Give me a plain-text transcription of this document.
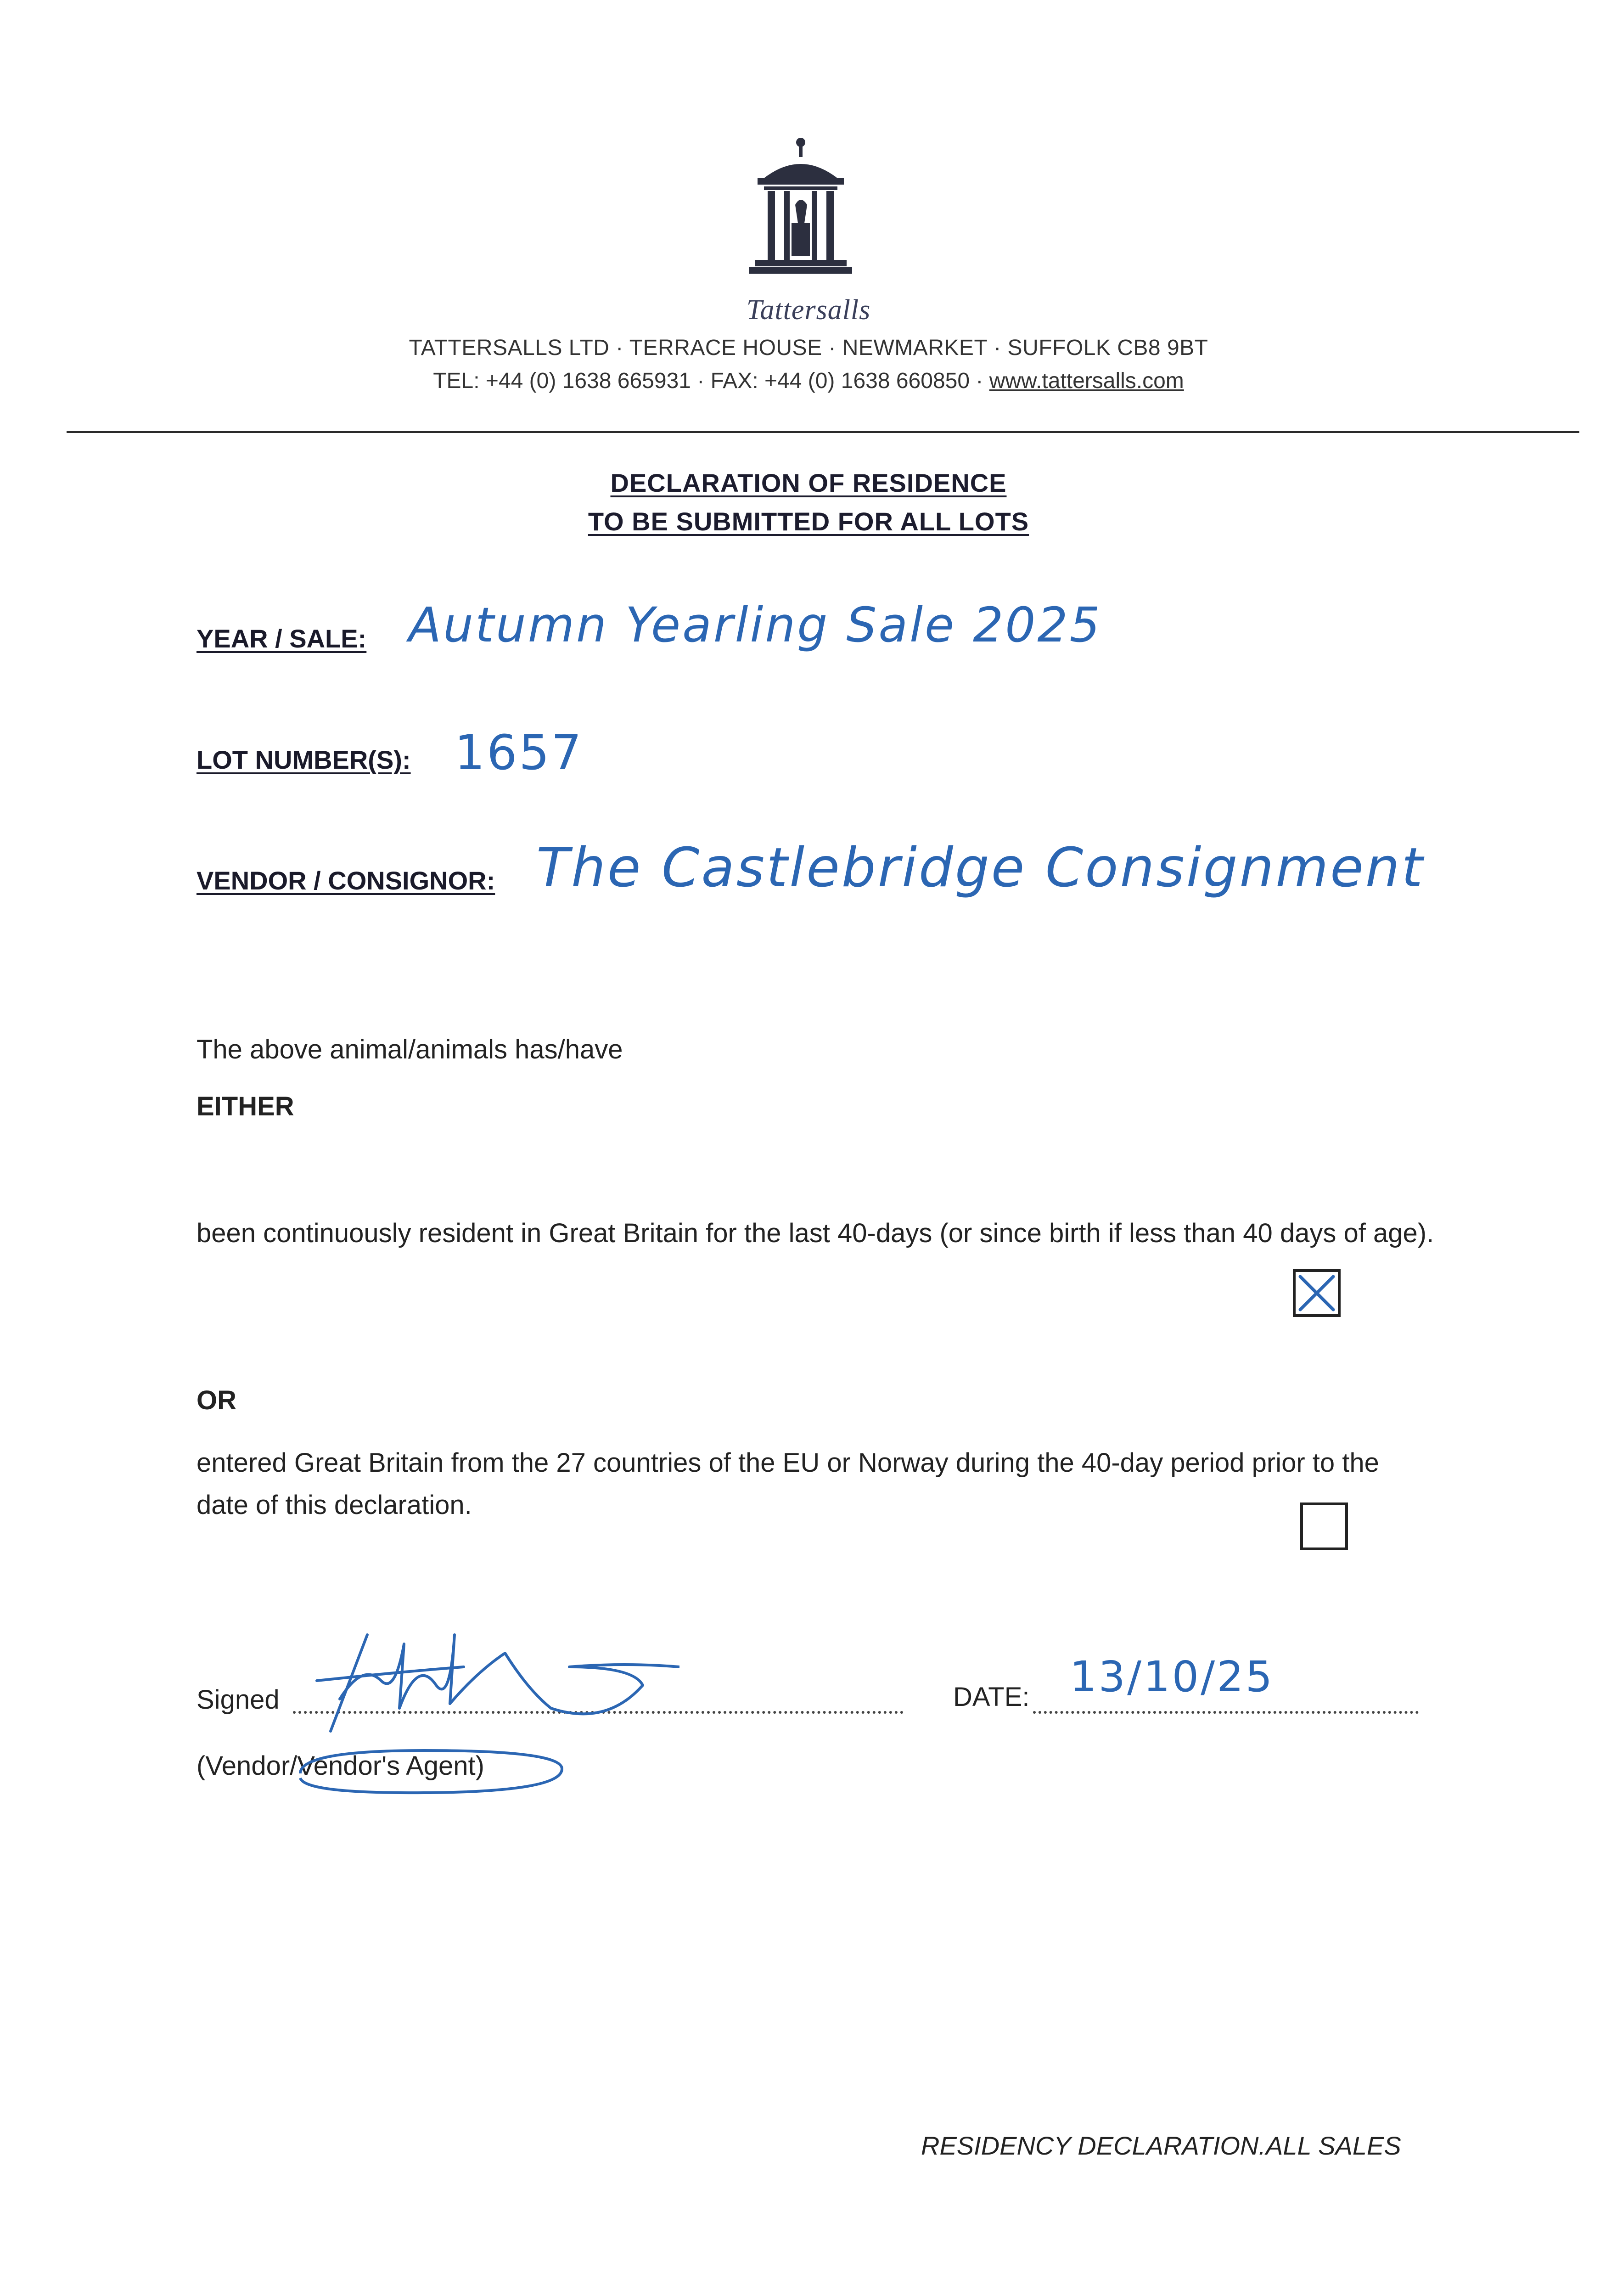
Tattersalls
TATTERSALLS LTD · TERRACE HOUSE · NEWMARKET · SUFFOLK CB8 9BT
TEL: +44 (0) 1638 665931 · FAX: +44 (0) 1638 660850 · www.tattersalls.com
DECLARATION OF RESIDENCE
TO BE SUBMITTED FOR ALL LOTS
YEAR / SALE: Autumn Yearling Sale 2025
LOT NUMBER(S): 1657
VENDOR / CONSIGNOR: The Castlebridge Consignment
The above animal/animals has/have
EITHER
been continuously resident in Great Britain for the last 40-days (or since birth if less than 40 days of age).
OR
entered Great Britain from the 27 countries of the EU or Norway during the 40-day period prior to the date of this declaration.
Signed	DATE: 13/10/25
(Vendor/Vendor's Agent)
RESIDENCY DECLARATION.ALL SALES
